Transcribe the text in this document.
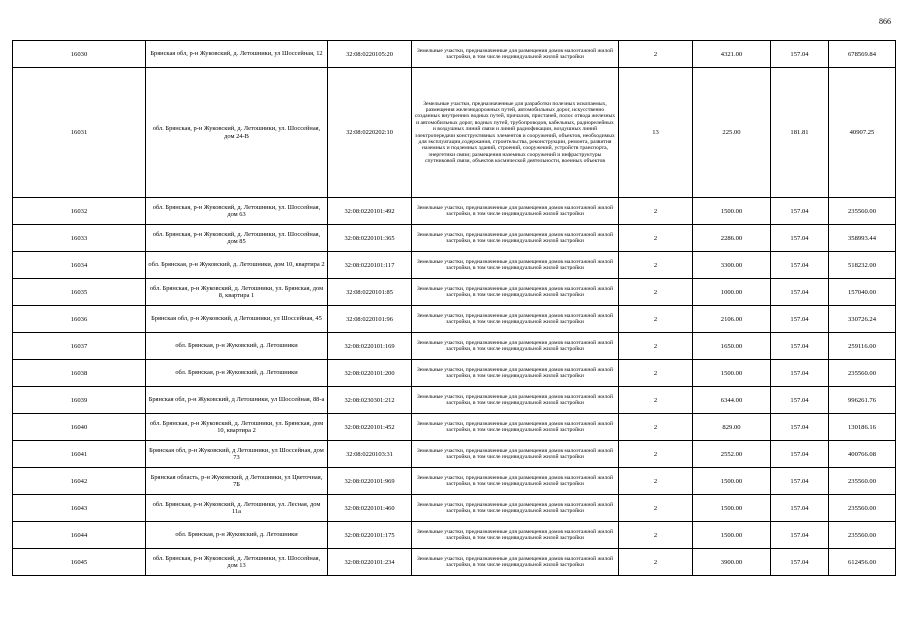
866
16030	Брянская обл, р-н Жуковский, д. Летошники, ул Шоссейная, 12	32:08:0220105:20	Земельные участки, предназначенные для размещения домов малоэтажной жилой застройки, в том числе индивидуальной жилой застройки	2	4321.00	157.04	678569.84
16031	обл. Брянская, р-н Жуковский, д. Летошники, ул. Шоссейная, дом 24-В	32:08:0220202:10	Земельные участки, предназначенные для разработки полезных ископаемых, размещения железнодорожных путей, автомобильных дорог, искусственно созданных внутренних водных путей, причалов, пристаней, полос отвода железных и автомобильных дорог, водных путей, трубопроводов, кабельных, радиорелейных и воздушных линий связи и линий радиофикации, воздушных линий электропередачи конструктивных элементов и сооружений, объектов, необходимых для эксплуатации,содержания, строительства, реконструкции, ремонта, развития наземных и подземных зданий, строений, сооружений, устройств транспорта, энергетики связи; размещения наземных сооружений и инфраструктуры спутниковой связи, объектов космической деятельности, военных объектов	13	225.00	181.81	40907.25
16032	обл. Брянская, р-н Жуковский, д. Летошники, ул. Шоссейная, дом 63	32:08:0220101:492	Земельные участки, предназначенные для размещения домов малоэтажной жилой застройки, в том числе индивидуальной жилой застройки	2	1500.00	157.04	235560.00
16033	обл. Брянская, р-н Жуковский, д. Летошники, ул. Шоссейная, дом 85	32:08:0220101:365	Земельные участки, предназначенные для размещения домов малоэтажной жилой застройки, в том числе индивидуальной жилой застройки	2	2286.00	157.04	358993.44
16034	обл. Брянская, р-н Жуковский, д. Летошники, дом 10, квартира 2	32:08:0220101:117	Земельные участки, предназначенные для размещения домов малоэтажной жилой застройки, в том числе индивидуальной жилой застройки	2	3300.00	157.04	518232.00
16035	обл. Брянская, р-н Жуковский, д. Летошники, ул. Брянская, дом 8, квартира 1	32:08:0220101:85	Земельные участки, предназначенные для размещения домов малоэтажной жилой застройки, в том числе индивидуальной жилой застройки	2	1000.00	157.04	157040.00
16036	Брянская обл, р-н Жуковский, д Летошники, ул Шоссейная, 45	32:08:0220101:96	Земельные участки, предназначенные для размещения домов малоэтажной жилой застройки, в том числе индивидуальной жилой застройки	2	2106.00	157.04	330726.24
16037	обл. Брянская, р-н Жуковский, д. Летошники	32:08:0220101:169	Земельные участки, предназначенные для размещения домов малоэтажной жилой застройки, в том числе индивидуальной жилой застройки	2	1650.00	157.04	259116.00
16038	обл. Брянская, р-н Жуковский, д. Летошники	32:08:0220101:200	Земельные участки, предназначенные для размещения домов малоэтажной жилой застройки, в том числе индивидуальной жилой застройки	2	1500.00	157.04	235560.00
16039	Брянская обл, р-н Жуковский, д Летошники, ул Шоссейная, 88-а	32:08:0230301:212	Земельные участки, предназначенные для размещения домов малоэтажной жилой застройки, в том числе индивидуальной жилой застройки	2	6344.00	157.04	996261.76
16040	обл. Брянская, р-н Жуковский, д. Летошники, ул. Брянская, дом 10, квартира 2	32:08:0220101:452	Земельные участки, предназначенные для размещения домов малоэтажной жилой застройки, в том числе индивидуальной жилой застройки	2	829.00	157.04	130186.16
16041	Брянская обл, р-н Жуковский, д Летошники, ул Шоссейная, дом 73	32:08:0220103:31	Земельные участки, предназначенные для размещения домов малоэтажной жилой застройки, в том числе индивидуальной жилой застройки	2	2552.00	157.04	400766.08
16042	Брянская область, р-н Жуковский, д Летошники, ул Цветочная, 7Б	32:08:0220101:969	Земельные участки, предназначенные для размещения домов малоэтажной жилой застройки, в том числе индивидуальной жилой застройки	2	1500.00	157.04	235560.00
16043	обл. Брянская, р-н Жуковский, д. Летошники, ул. Лесная, дом 11а	32:08:0220101:460	Земельные участки, предназначенные для размещения домов малоэтажной жилой застройки, в том числе индивидуальной жилой застройки	2	1500.00	157.04	235560.00
16044	обл. Брянская, р-н Жуковский, д. Летошники	32:08:0220101:175	Земельные участки, предназначенные для размещения домов малоэтажной жилой застройки, в том числе индивидуальной жилой застройки	2	1500.00	157.04	235560.00
16045	обл. Брянская, р-н Жуковский, д. Летошники, ул. Шоссейная, дом 13	32:08:0220101:234	Земельные участки, предназначенные для размещения домов малоэтажной жилой застройки, в том числе индивидуальной жилой застройки	2	3900.00	157.04	612456.00
